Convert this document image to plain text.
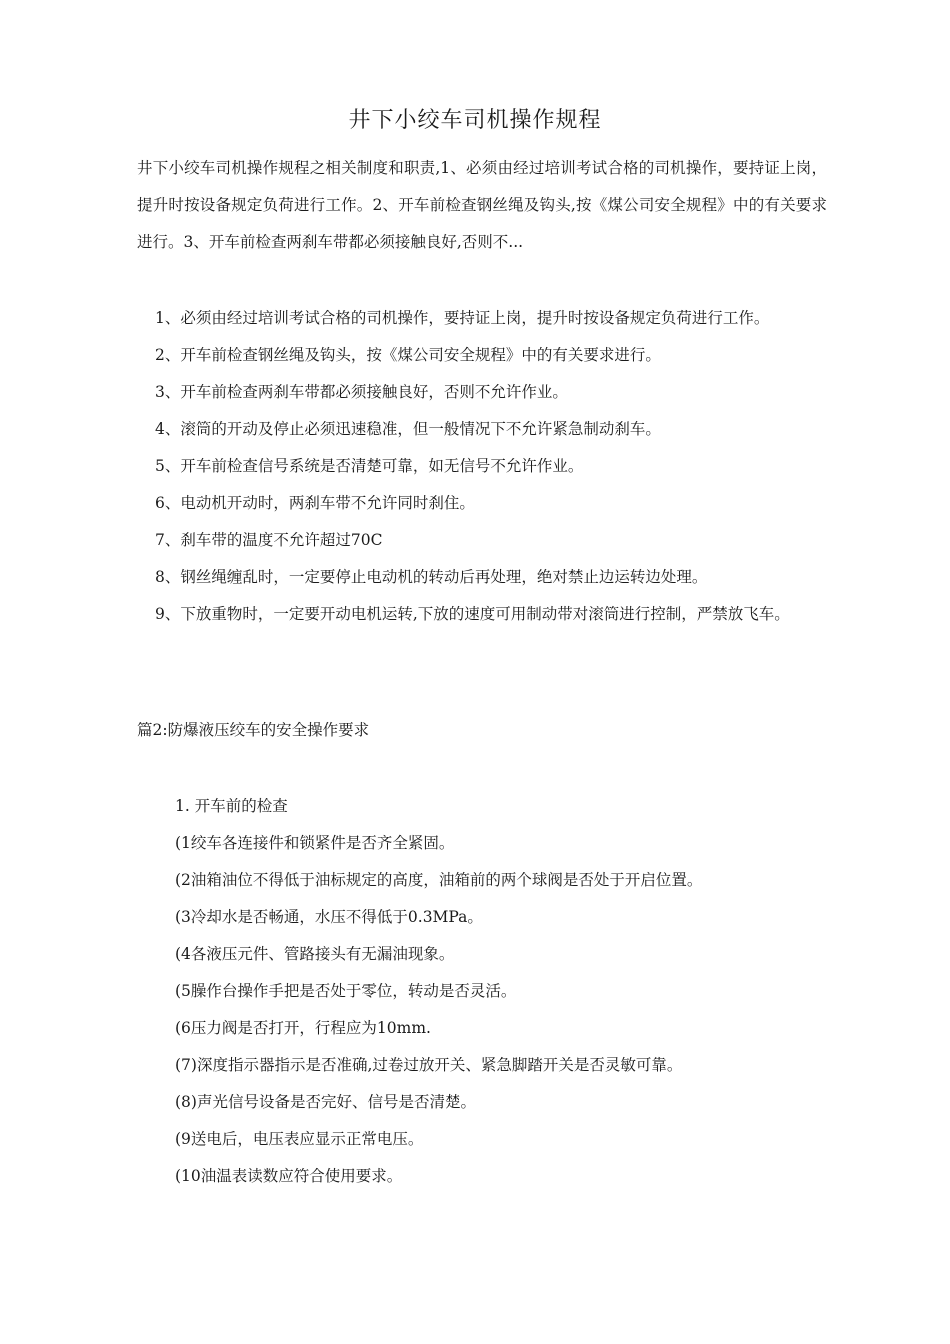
井下小绞车司机操作规程
井下小绞车司机操作规程之相关制度和职责,1、必须由经过培训考试合格的司机操作，要持证上岗，提升时按设备规定负荷进行工作。2、开车前检查钢丝绳及钩头,按《煤公司安全规程》中的有关要求进行。3、开车前检查两刹车带都必须接触良好,否则不...

1、必须由经过培训考试合格的司机操作，要持证上岗，提升时按设备规定负荷进行工作。

2、开车前检查钢丝绳及钩头，按《煤公司安全规程》中的有关要求进行。

3、开车前检查两刹车带都必须接触良好，否则不允许作业。

4、滚筒的开动及停止必须迅速稳准，但一般情况下不允许紧急制动刹车。

5、开车前检查信号系统是否清楚可靠，如无信号不允许作业。

6、电动机开动时，两刹车带不允许同时刹住。

7、刹车带的温度不允许超过70C

8、钢丝绳缠乱时，一定要停止电动机的转动后再处理，绝对禁止边运转边处理。

9、下放重物时，一定要开动电机运转,下放的速度可用制动带对滚筒进行控制，严禁放飞车。

篇2:防爆液压绞车的安全操作要求

1. 开车前的检查

(1绞车各连接件和锁紧件是否齐全紧固。

(2油箱油位不得低于油标规定的高度，油箱前的两个球阀是否处于开启位置。

(3冷却水是否畅通，水压不得低于0.3MPa。

(4各液压元件、管路接头有无漏油现象。

(5臊作台操作手把是否处于零位，转动是否灵活。

(6压力阀是否打开，行程应为10mm.

(7)深度指示器指示是否准确,过卷过放开关、紧急脚踏开关是否灵敏可靠。

(8)声光信号设备是否完好、信号是否清楚。

(9送电后，电压表应显示正常电压。

(10油温表读数应符合使用要求。
